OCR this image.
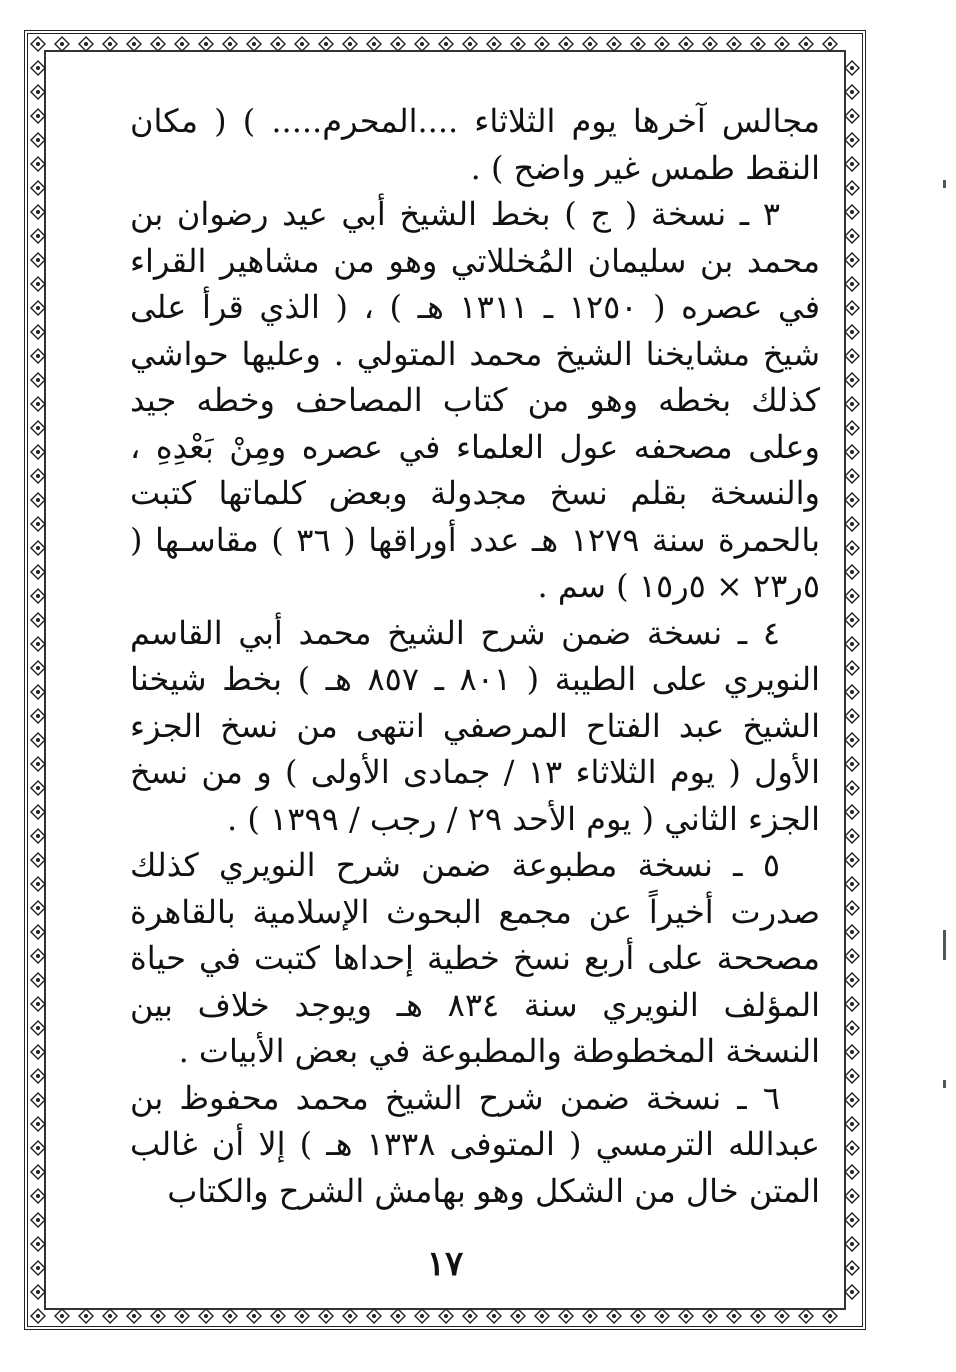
مجالس آخرها يوم الثلاثاء ....المحرم..... ) ( مكان النقط طمس غير واضح ) .

٣ ـ نسخة ( ج ) بخط الشيخ أبي عيد رضوان بن محمد بن سليمان المُخللاتي وهو من مشاهير القراء في عصره ( ١٢٥٠ ـ ١٣١١ هـ ) ، ( الذي قرأ على شيخ مشايخنا الشيخ محمد المتولي . وعليها حواشي كذلك بخطه وهو من كتاب المصاحف وخطه جيد وعلى مصحفه عول العلماء في عصره ومِنْ بَعْدِهِ ، والنسخة بقلم نسخ مجدولة وبعض كلماتها كتبت بالحمرة سنة ١٢٧٩ هـ عدد أوراقها ( ٣٦ ) مقاسـها ( ٥ر٢٣ × ٥ر١٥ ) سم .

٤ ـ نسخة ضمن شرح الشيخ محمد أبي القاسم النويري على الطيبة ( ٨٠١ ـ ٨٥٧ هـ ) بخط شيخنا الشيخ عبد الفتاح المرصفي انتهى من نسخ الجزء الأول ( يوم الثلاثاء ١٣ / جمادى الأولى ) و من نسخ الجزء الثاني ( يوم الأحد ٢٩ / رجب / ١٣٩٩ ) .

٥ ـ نسخة مطبوعة ضمن شرح النويري كذلك صدرت أخيراً عن مجمع البحوث الإسلامية بالقاهرة مصححة على أربع نسخ خطية إحداها كتبت في حياة المؤلف النويري سنة ٨٣٤ هـ ويوجد خلاف بين النسخة المخطوطة والمطبوعة في بعض الأبيات .

٦ ـ نسخة ضمن شرح الشيخ محمد محفوظ بن عبدالله الترمسي ( المتوفى ١٣٣٨ هـ ) إلا أن غالب المتن خال من الشكل وهو بهامش الشرح والكتاب

١٧
